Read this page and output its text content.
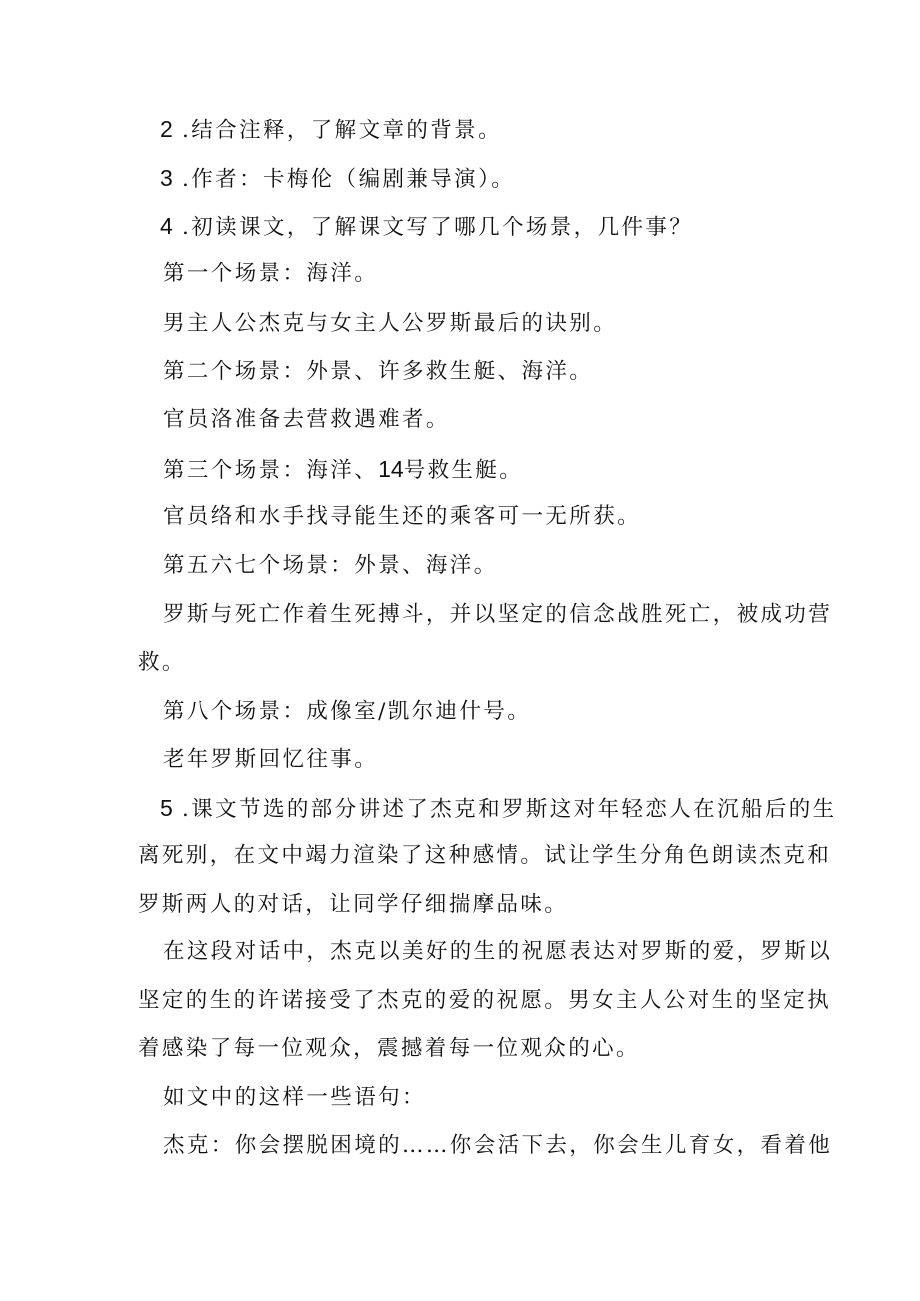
2 .结合注释，了解文章的背景。

3 .作者：卡梅伦（编剧兼导演）。

4 .初读课文，了解课文写了哪几个场景，几件事？

第一个场景：海洋。

男主人公杰克与女主人公罗斯最后的诀别。

第二个场景：外景、许多救生艇、海洋。

官员洛准备去营救遇难者。

第三个场景：海洋、14号救生艇。

官员络和水手找寻能生还的乘客可一无所获。

第五六七个场景：外景、海洋。

罗斯与死亡作着生死搏斗，并以坚定的信念战胜死亡，被成功营

救。

第八个场景：成像室/凯尔迪什号。

老年罗斯回忆往事。

5 .课文节选的部分讲述了杰克和罗斯这对年轻恋人在沉船后的生

离死别，在文中竭力渲染了这种感情。试让学生分角色朗读杰克和

罗斯两人的对话，让同学仔细揣摩品味。

在这段对话中，杰克以美好的生的祝愿表达对罗斯的爱，罗斯以

坚定的生的许诺接受了杰克的爱的祝愿。男女主人公对生的坚定执

着感染了每一位观众，震撼着每一位观众的心。

如文中的这样一些语句：

杰克：你会摆脱困境的……你会活下去，你会生儿育女，看着他
